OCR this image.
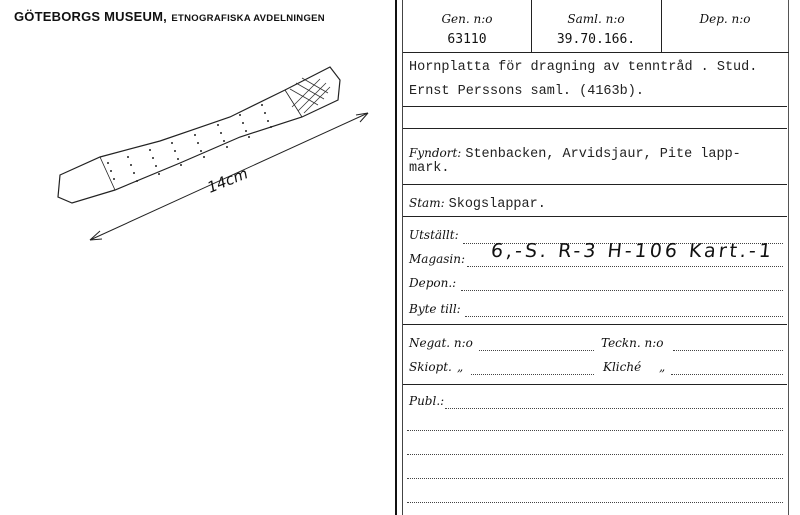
GÖTEBORGS MUSEUM, ETNOGRAFISKA AVDELNINGEN
14cm
Gen. n:o
63110
Saml. n:o
39.70.166.
Dep. n:o
Hornplatta för dragning av tenntråd . Stud.
Ernst Perssons saml. (4163b).
Fyndort: Stenbacken, Arvidsjaur, Pite lapp-
mark.
Stam: Skogslappar.
Utställt:
Magasin: 6,-S. R-3 H-106 Kart.-1
Depon.:
Byte till:
Negat. n:o	Teckn. n:o
Skiopt. „	Kliché „
Publ.:
